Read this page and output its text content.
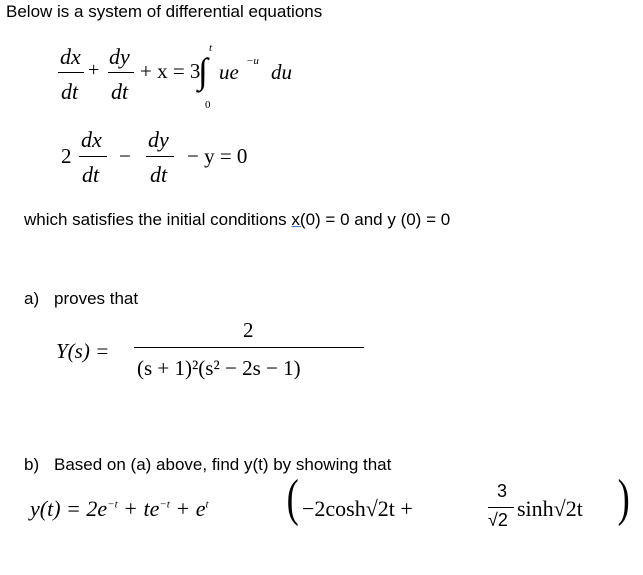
Below is a system of differential equations
dx
dt
+
dy
dt
+ x = 3
t
∫
0
ue −u du
2
dx
dt
−
dy
dt
− y = 0
which satisfies the initial conditions x(0) = 0 and y (0) = 0
a) proves that
Y(s) =
2
(s + 1)²(s² − 2s − 1)
b) Based on (a) above, find y(t) by showing that
$y(t) = 2e^{-t} + te^{-t} + e^t$ ( −2cosh√2t +
3
√2 sinh√2t )
